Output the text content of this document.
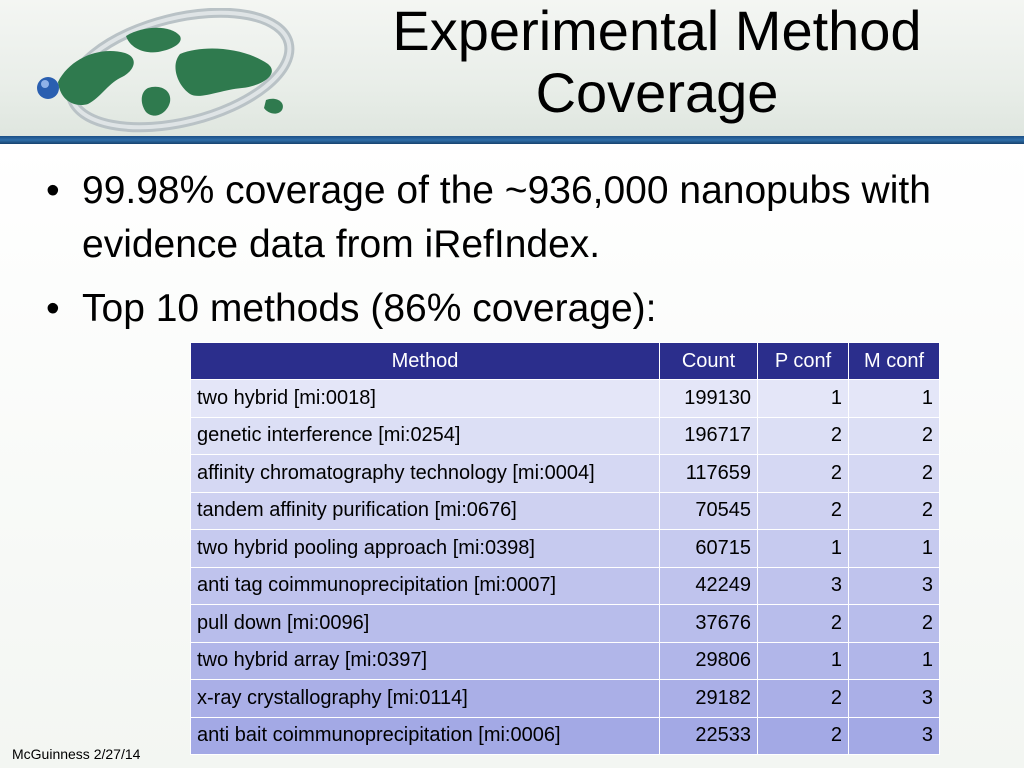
Experimental Method
Coverage
• 99.98% coverage of the ~936,000 nanopubs with evidence data from iRefIndex.
• Top 10 methods (86% coverage):
Method	Count	P conf	M conf
two hybrid [mi:0018]	199130	1	1
genetic interference [mi:0254]	196717	2	2
affinity chromatography technology [mi:0004]	117659	2	2
tandem affinity purification [mi:0676]	70545	2	2
two hybrid pooling approach [mi:0398]	60715	1	1
anti tag coimmunoprecipitation [mi:0007]	42249	3	3
pull down [mi:0096]	37676	2	2
two hybrid array [mi:0397]	29806	1	1
x-ray crystallography [mi:0114]	29182	2	3
anti bait coimmunoprecipitation [mi:0006]	22533	2	3
McGuinness 2/27/14
